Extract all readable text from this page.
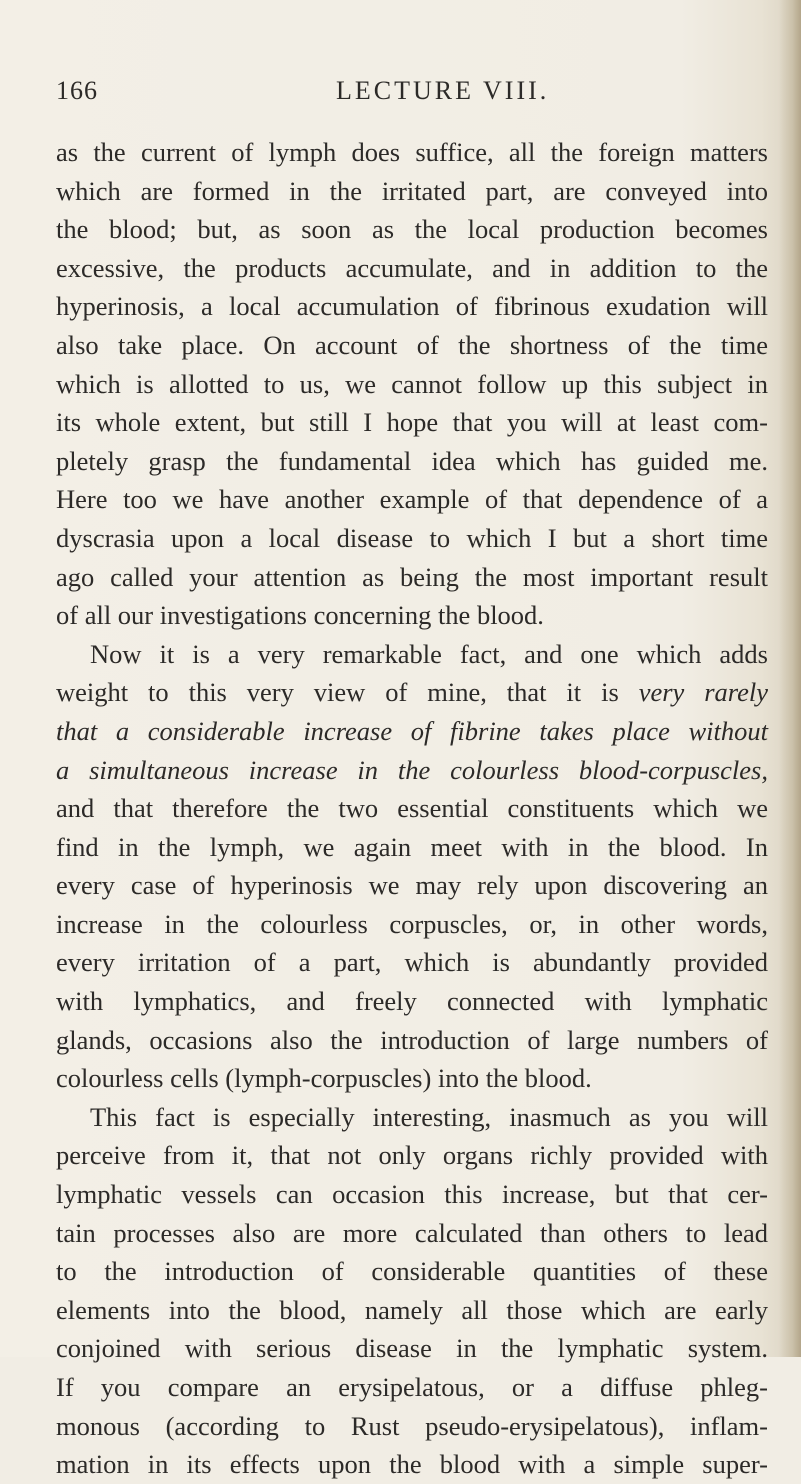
166	LECTURE VIII.
as the current of lymph does suffice, all the foreign matters
which are formed in the irritated part, are conveyed into
the blood; but, as soon as the local production becomes
excessive, the products accumulate, and in addition to the
hyperinosis, a local accumulation of fibrinous exudation will
also take place. On account of the shortness of the time
which is allotted to us, we cannot follow up this subject in
its whole extent, but still I hope that you will at least com-
pletely grasp the fundamental idea which has guided me.
Here too we have another example of that dependence of a
dyscrasia upon a local disease to which I but a short time
ago called your attention as being the most important result
of all our investigations concerning the blood.
Now it is a very remarkable fact, and one which adds
weight to this very view of mine, that it is very rarely
that a considerable increase of fibrine takes place without
a simultaneous increase in the colourless blood-corpuscles,
and that therefore the two essential constituents which we
find in the lymph, we again meet with in the blood. In
every case of hyperinosis we may rely upon discovering an
increase in the colourless corpuscles, or, in other words,
every irritation of a part, which is abundantly provided
with lymphatics, and freely connected with lymphatic
glands, occasions also the introduction of large numbers of
colourless cells (lymph-corpuscles) into the blood.
This fact is especially interesting, inasmuch as you will
perceive from it, that not only organs richly provided with
lymphatic vessels can occasion this increase, but that cer-
tain processes also are more calculated than others to lead
to the introduction of considerable quantities of these
elements into the blood, namely all those which are early
conjoined with serious disease in the lymphatic system.
If you compare an erysipelatous, or a diffuse phleg-
monous (according to Rust pseudo-erysipelatous), inflam-
mation in its effects upon the blood with a simple super-
